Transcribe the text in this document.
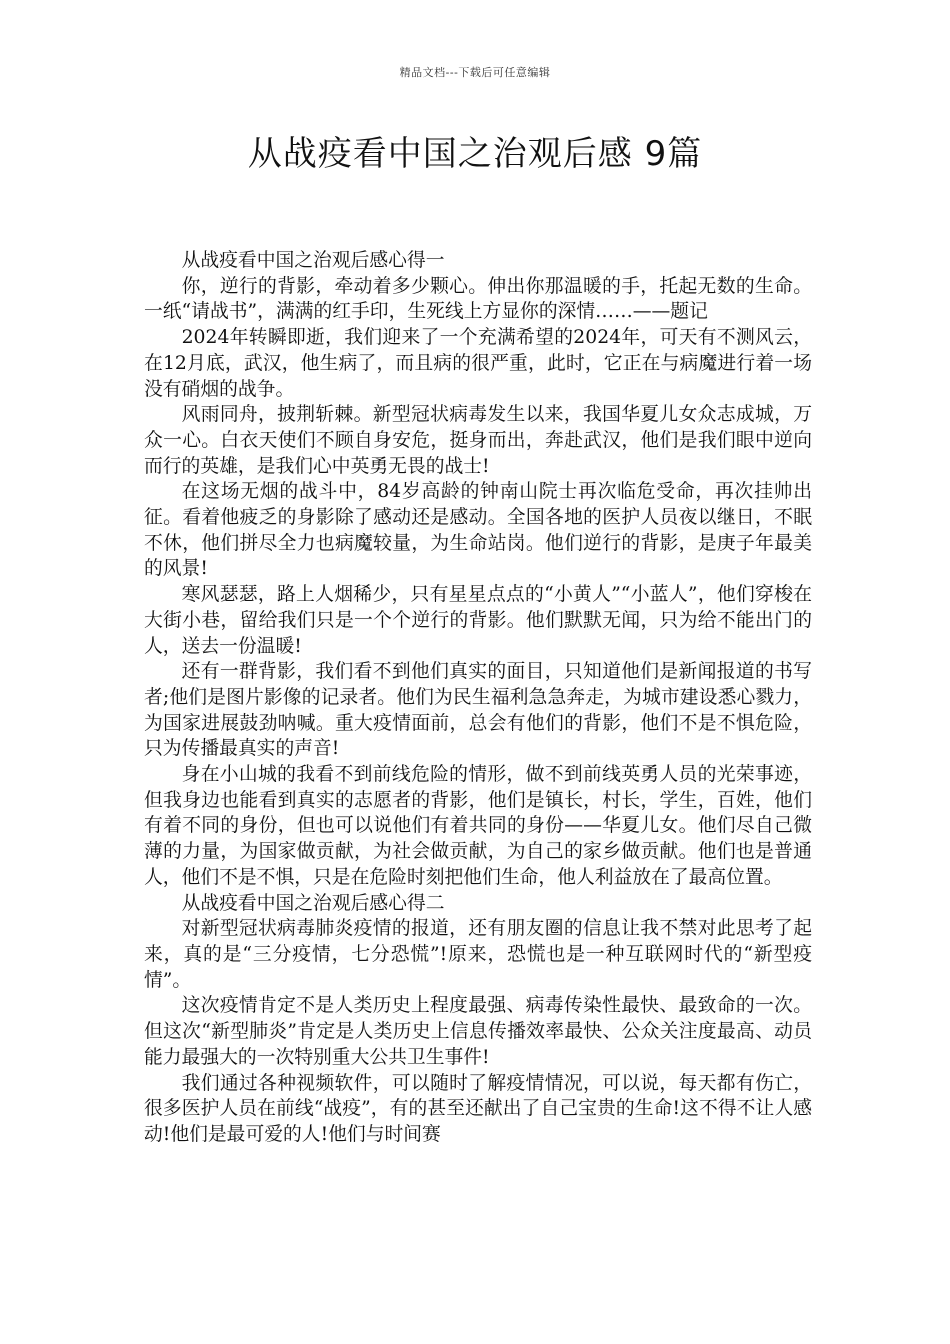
精品文档---下载后可任意编辑
从战疫看中国之治观后感 9篇

从战疫看中国之治观后感心得一

你，逆行的背影，牵动着多少颗心。伸出你那温暖的手，托起无数的生命。一纸“请战书”，满满的红手印，生死线上方显你的深情……——题记

2024年转瞬即逝，我们迎来了一个充满希望的2024年，可天有不测风云，在12月底，武汉，他生病了，而且病的很严重，此时，它正在与病魔进行着一场没有硝烟的战争。

风雨同舟，披荆斩棘。新型冠状病毒发生以来，我国华夏儿女众志成城，万众一心。白衣天使们不顾自身安危，挺身而出，奔赴武汉，他们是我们眼中逆向而行的英雄，是我们心中英勇无畏的战士!

在这场无烟的战斗中，84岁高龄的钟南山院士再次临危受命，再次挂帅出征。看着他疲乏的身影除了感动还是感动。全国各地的医护人员夜以继日，不眠不休，他们拼尽全力也病魔较量，为生命站岗。他们逆行的背影，是庚子年最美的风景!

寒风瑟瑟，路上人烟稀少，只有星星点点的“小黄人”“小蓝人”，他们穿梭在大街小巷，留给我们只是一个个逆行的背影。他们默默无闻，只为给不能出门的人，送去一份温暖!

还有一群背影，我们看不到他们真实的面目，只知道他们是新闻报道的书写者;他们是图片影像的记录者。他们为民生福利急急奔走，为城市建设悉心戮力，为国家进展鼓劲呐喊。重大疫情面前，总会有他们的背影，他们不是不惧危险，只为传播最真实的声音!

身在小山城的我看不到前线危险的情形，做不到前线英勇人员的光荣事迹，但我身边也能看到真实的志愿者的背影，他们是镇长，村长，学生，百姓，他们有着不同的身份，但也可以说他们有着共同的身份——华夏儿女。他们尽自己微薄的力量，为国家做贡献，为社会做贡献，为自己的家乡做贡献。他们也是普通人，他们不是不惧，只是在危险时刻把他们生命，他人利益放在了最高位置。

从战疫看中国之治观后感心得二

对新型冠状病毒肺炎疫情的报道，还有朋友圈的信息让我不禁对此思考了起来，真的是“三分疫情，七分恐慌”!原来，恐慌也是一种互联网时代的“新型疫情”。

这次疫情肯定不是人类历史上程度最强、病毒传染性最快、最致命的一次。但这次“新型肺炎”肯定是人类历史上信息传播效率最快、公众关注度最高、动员能力最强大的一次特别重大公共卫生事件!

我们通过各种视频软件，可以随时了解疫情情况，可以说，每天都有伤亡，很多医护人员在前线“战疫”，有的甚至还献出了自己宝贵的生命!这不得不让人感动!他们是最可爱的人!他们与时间赛
